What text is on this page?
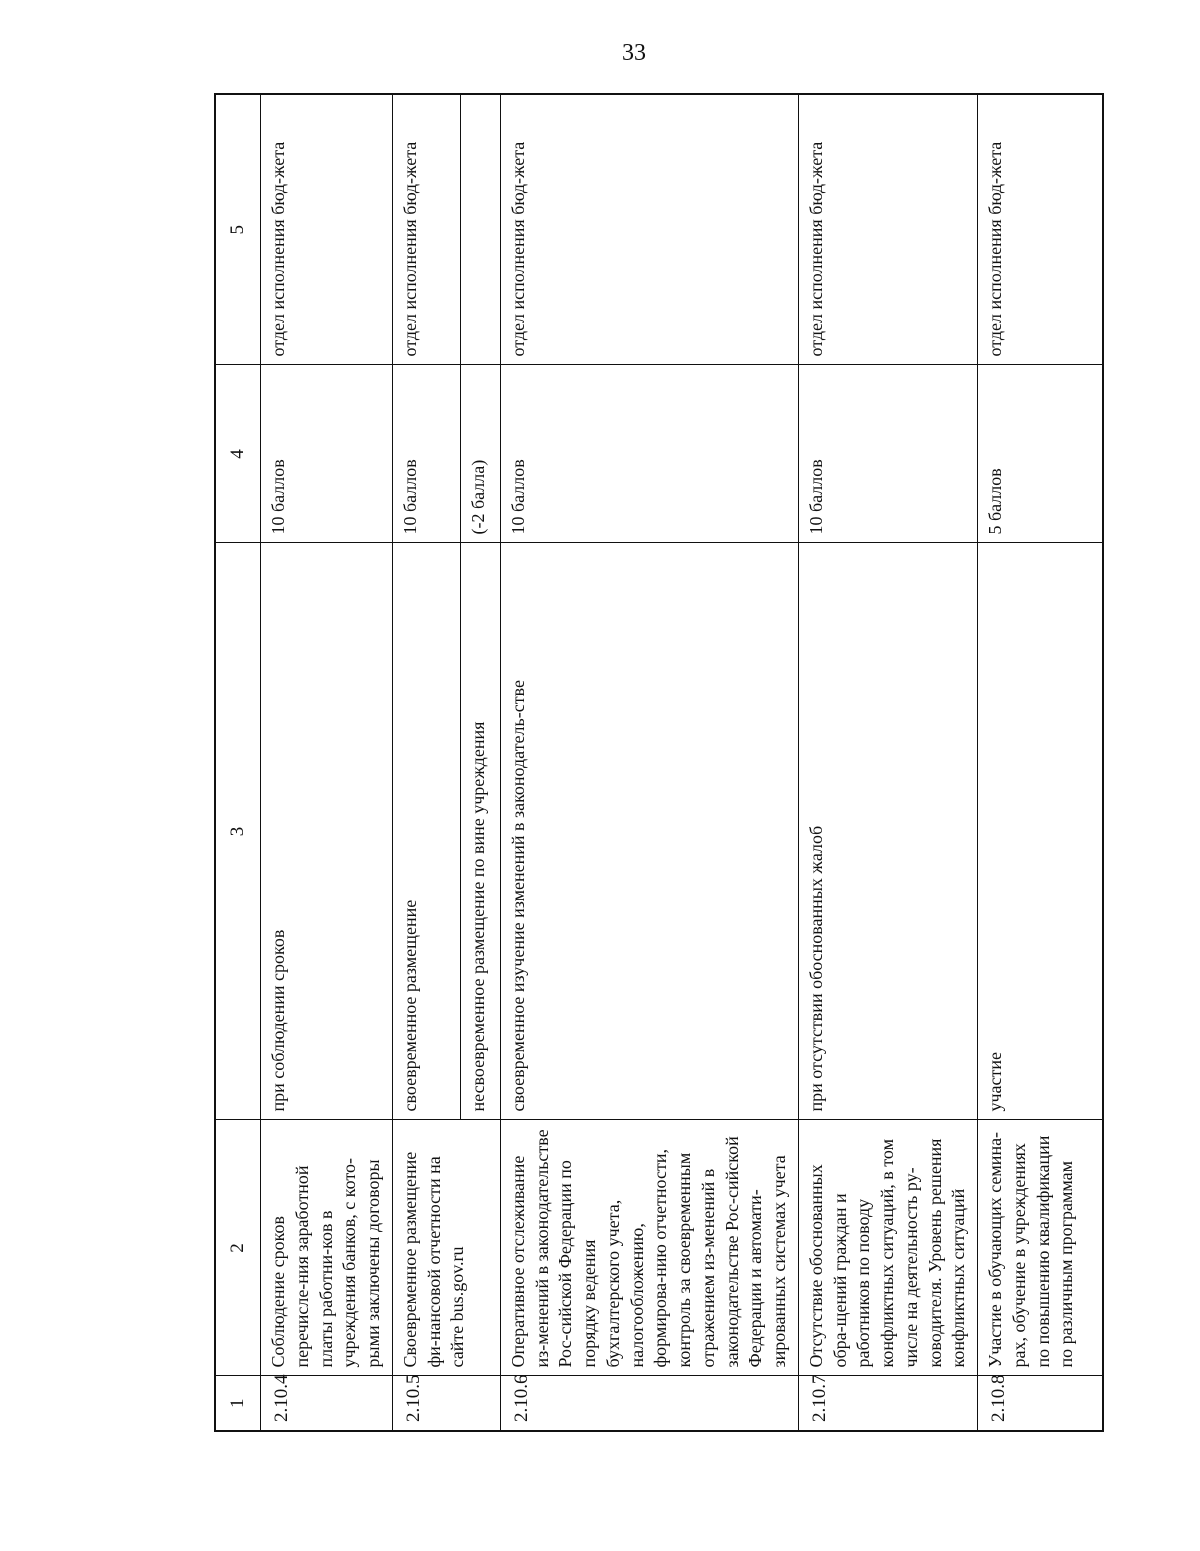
33
1	2	3	4	5
2.10.4	Соблюдение сроков перечисле-ния заработной платы работни-ков в учреждения банков, с кото-рыми заключены договоры	при соблюдении сроков	10 баллов	отдел исполнения бюд-жета
2.10.5	Своевременное размещение фи-нансовой отчетности на сайте bus.gov.ru	своевременное размещение	10 баллов	отдел исполнения бюд-жета
		несвоевременное размещение по вине учреждения	(-2 балла)	
2.10.6	Оперативное отслеживание из-менений в законодательстве Рос-сийской Федерации по порядку ведения бухгалтерского учета, налогообложению, формирова-нию отчетности, контроль за своевременным отражением из-менений в законодательстве Рос-сийской Федерации и автомати-зированных системах учета	своевременное изучение изменений в законодатель-стве	10 баллов	отдел исполнения бюд-жета
2.10.7	Отсутствие обоснованных обра-щений граждан и работников по поводу конфликтных ситуаций, в том числе на деятельность ру-ководителя. Уровень решения конфликтных ситуаций	при отсутствии обоснованных жалоб	10 баллов	отдел исполнения бюд-жета
2.10.8	Участие в обучающих семина-рах, обучение в учреждениях по повышению квалификации по различным программам	участие	5 баллов	отдел исполнения бюд-жета
